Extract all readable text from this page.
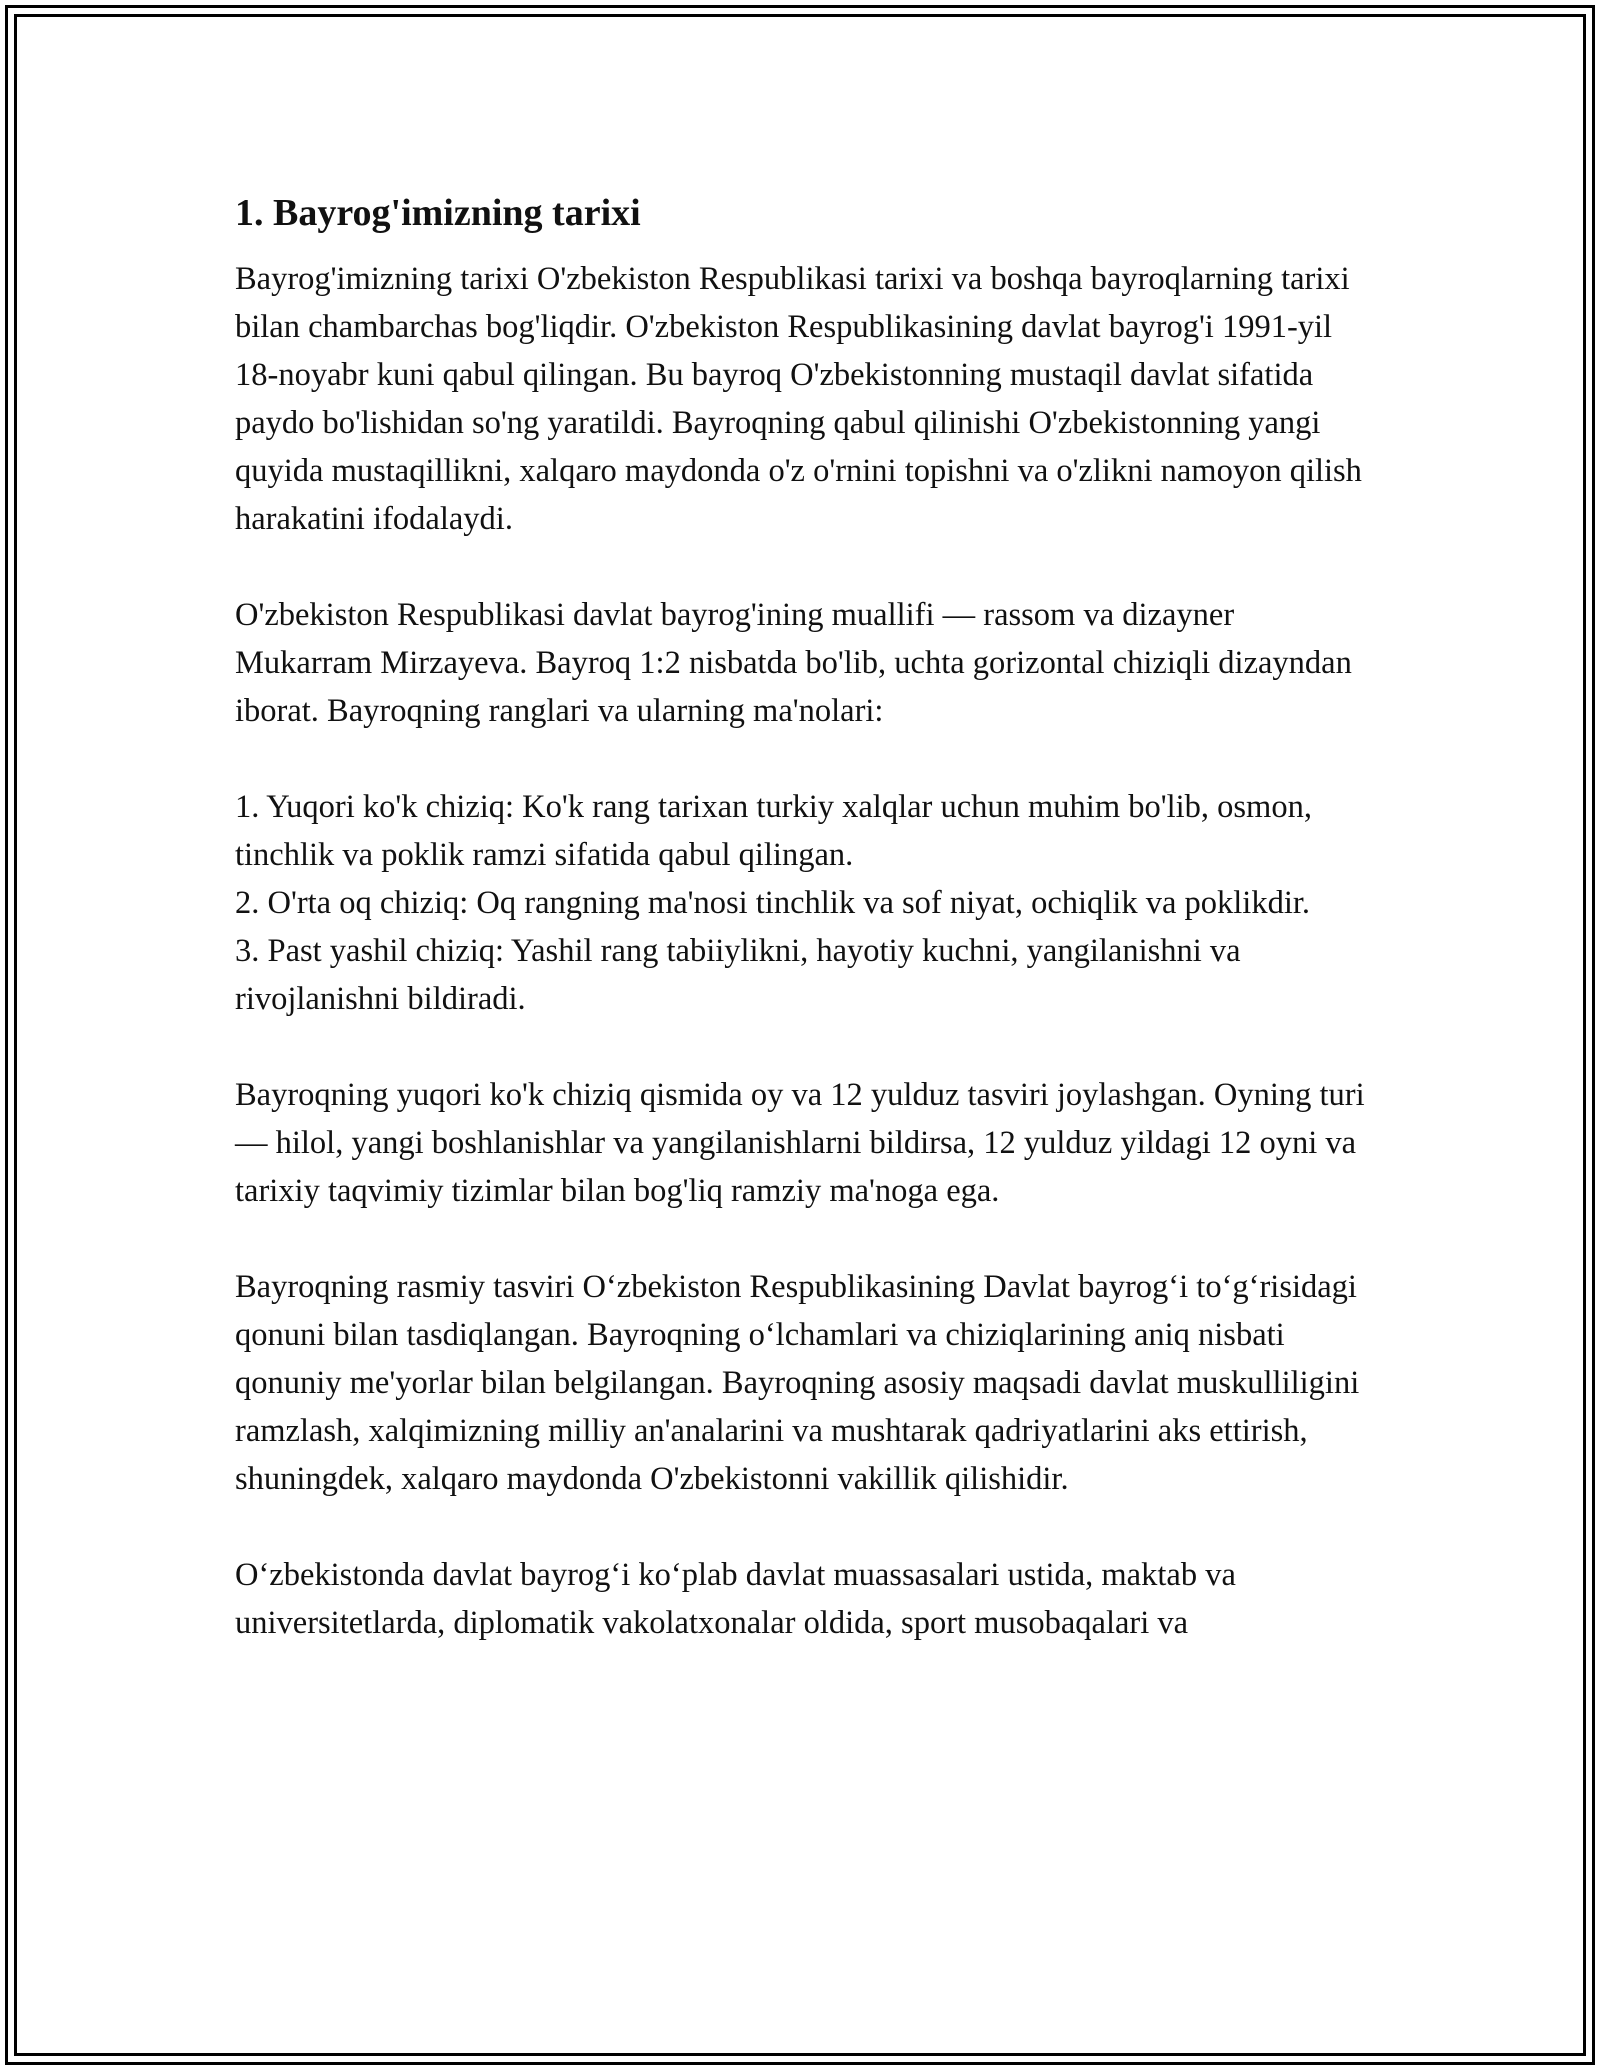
1. Bayrog'imizning tarixi

Bayrog'imizning tarixi O'zbekiston Respublikasi tarixi va boshqa bayroqlarning tarixi bilan chambarchas bog'liqdir. O'zbekiston Respublikasining davlat bayrog'i 1991-yil 18-noyabr kuni qabul qilingan. Bu bayroq O'zbekistonning mustaqil davlat sifatida paydo bo'lishidan so'ng yaratildi. Bayroqning qabul qilinishi O'zbekistonning yangi quyida mustaqillikni, xalqaro maydonda o'z o'rnini topishni va o'zlikni namoyon qilish harakatini ifodalaydi.

O'zbekiston Respublikasi davlat bayrog'ining muallifi — rassom va dizayner Mukarram Mirzayeva. Bayroq 1:2 nisbatda bo'lib, uchta gorizontal chiziqli dizayndan iborat. Bayroqning ranglari va ularning ma'nolari:

1. Yuqori ko'k chiziq: Ko'k rang tarixan turkiy xalqlar uchun muhim bo'lib, osmon, tinchlik va poklik ramzi sifatida qabul qilingan.
2. O'rta oq chiziq: Oq rangning ma'nosi tinchlik va sof niyat, ochiqlik va poklikdir.
3. Past yashil chiziq: Yashil rang tabiiylikni, hayotiy kuchni, yangilanishni va rivojlanishni bildiradi.

Bayroqning yuqori ko'k chiziq qismida oy va 12 yulduz tasviri joylashgan. Oyning turi — hilol, yangi boshlanishlar va yangilanishlarni bildirsa, 12 yulduz yildagi 12 oyni va tarixiy taqvimiy tizimlar bilan bog'liq ramziy ma'noga ega.

Bayroqning rasmiy tasviri O‘zbekiston Respublikasining Davlat bayrog‘i to‘g‘risidagi qonuni bilan tasdiqlangan. Bayroqning o‘lchamlari va chiziqlarining aniq nisbati qonuniy me'yorlar bilan belgilangan. Bayroqning asosiy maqsadi davlat muskulliligini ramzlash, xalqimizning milliy an'analarini va mushtarak qadriyatlarini aks ettirish, shuningdek, xalqaro maydonda O'zbekistonni vakillik qilishidir.

O‘zbekistonda davlat bayrog‘i ko‘plab davlat muassasalari ustida, maktab va universitetlarda, diplomatik vakolatxonalar oldida, sport musobaqalari va
